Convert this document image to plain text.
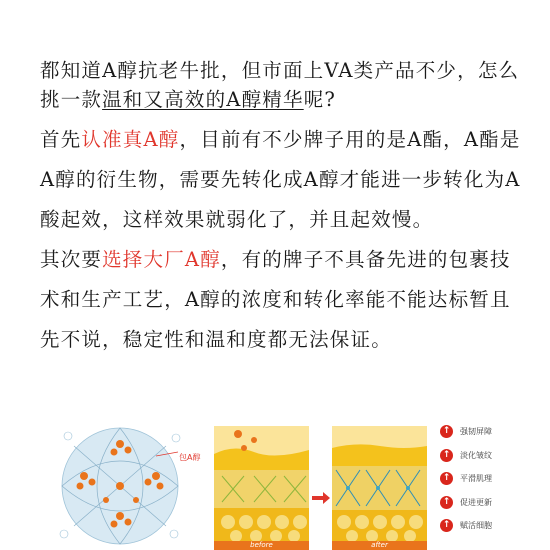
都知道A醇抗老牛批，但市面上VA类产品不少，怎么
挑一款温和又高效的A醇精华呢?
首先认准真A醇，目前有不少牌子用的是A酯，A酯是
A醇的衍生物，需要先转化成A醇才能进一步转化为A
酸起效，这样效果就弱化了，并且起效慢。
其次要选择大厂A醇，有的牌子不具备先进的包裹技
术和生产工艺，A醇的浓度和转化率能不能达标暂且
先不说，稳定性和温和度都无法保证。
包A醇
before	after
↑	强韧屏障
↑	淡化皱纹
↑	平滑肌理
↑	促进更新
↑	赋活细胞
